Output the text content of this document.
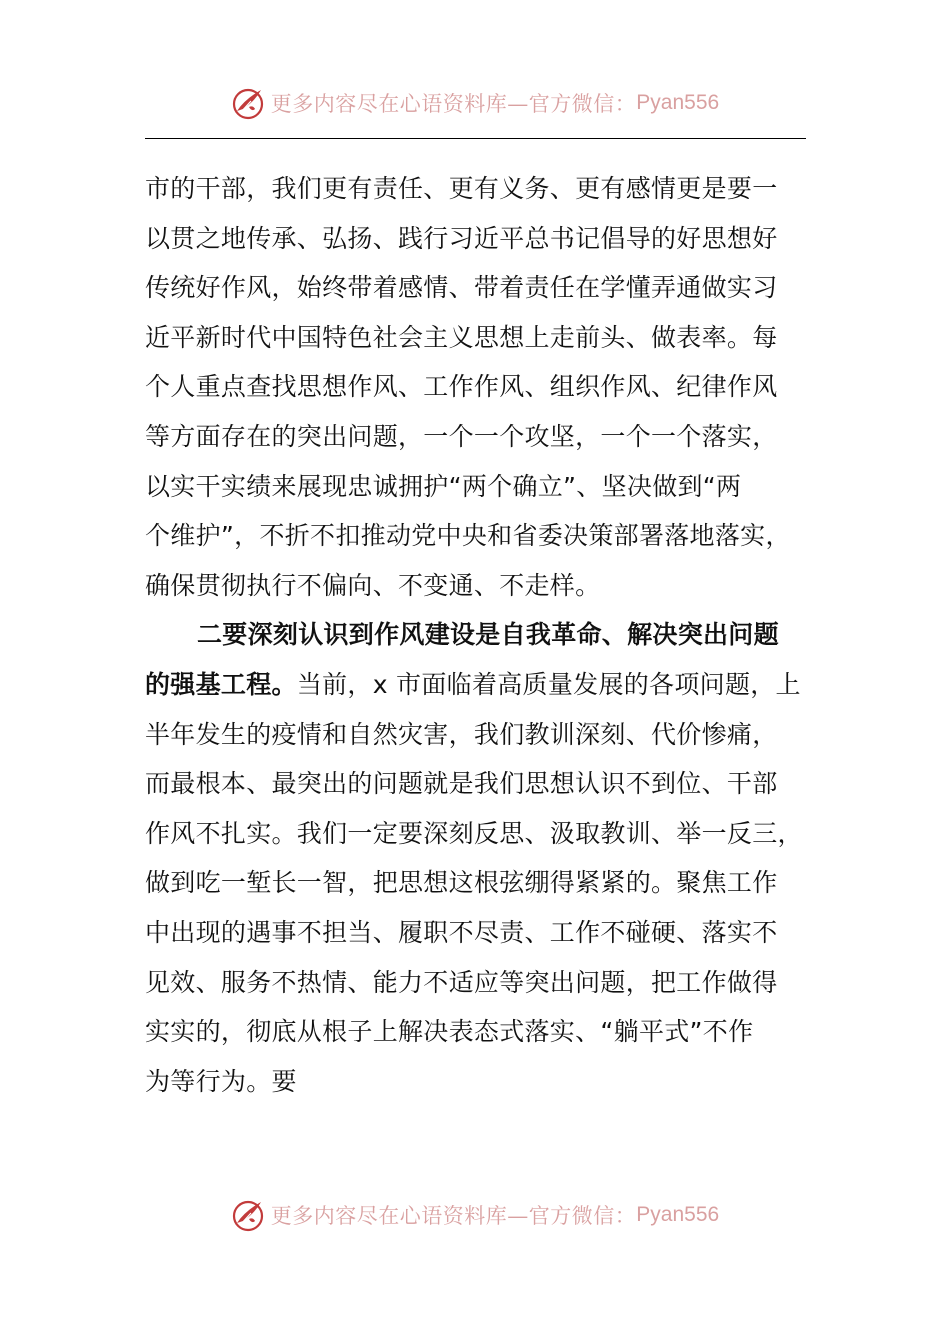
更多内容尽在心语资料库—官方微信： Pyan556
市的干部，我们更有责任、更有义务、更有感情更是要一
以贯之地传承、弘扬、践行习近平总书记倡导的好思想好
传统好作风，始终带着感情、带着责任在学懂弄通做实习
近平新时代中国特色社会主义思想上走前头、做表率。每
个人重点查找思想作风、工作作风、组织作风、纪律作风
等方面存在的突出问题，一个一个攻坚，一个一个落实，
以实干实绩来展现忠诚拥护“两个确立”、坚决做到“两
个维护”，不折不扣推动党中央和省委决策部署落地落实，
确保贯彻执行不偏向、不变通、不走样。
二要深刻认识到作风建设是自我革命、解决突出问题
的强基工程。当前，x 市面临着高质量发展的各项问题，上
半年发生的疫情和自然灾害，我们教训深刻、代价惨痛，
而最根本、最突出的问题就是我们思想认识不到位、干部
作风不扎实。我们一定要深刻反思、汲取教训、举一反三，
做到吃一堑长一智，把思想这根弦绷得紧紧的。聚焦工作
中出现的遇事不担当、履职不尽责、工作不碰硬、落实不
见效、服务不热情、能力不适应等突出问题，把工作做得
实实的，彻底从根子上解决表态式落实、“躺平式”不作
为等行为。要
更多内容尽在心语资料库—官方微信： Pyan556
